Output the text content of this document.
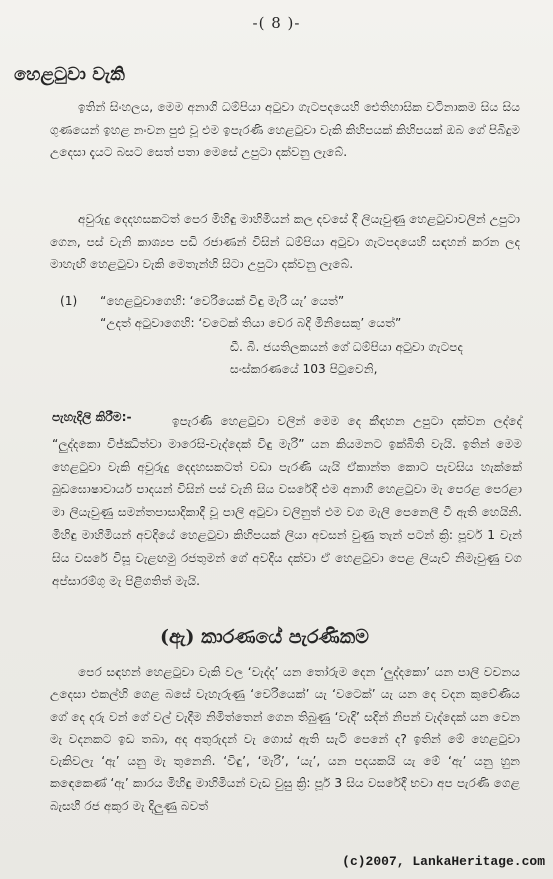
-( 8 )-
හෙළටුවා වැකි

ඉතින් සිංහලය, මෙම අනාගි ධම්පියා අටුවා ගැටපදයෙහි ඓතිහාසික වටිනාකම සිය සිය ගුණයෙන් ඉහළ නංවන පුළු වූ එම ඉපැරණි හෙළටුවා වැකි කිහිපයක් කිහිපයක් ඔබ ගේ පිබිදුම උදෙසා දැයට බසට සෙත් පතා මෙසේ උපුටා දක්වනු ලැබේ.

අවුරුදු දෙදහසකටත් පෙර මිහිඳු මාහිමියන් කල දවසේ දී ලියැවුණු හෙළටුවාවලින් උපුටා ගෙන, පස් වැනි කාශ්‍යප පඩි රජාණන් විසින් ධම්පියා අටුවා ගැටපදයෙහි සඳහන් කරන ලද මාහැඟි හෙළටුවා වැකි මෙතැන්හි සිටා උපුටා දක්වනු ලැබේ.

(1)	“හෙළටුවාගෙහි: ‘වෙරියෙක් විඳු මැරි යැ’ යෙත්”
“උදත් අටුවාගෙහි: ‘වටෙක් තියා වෙර බදි මිනිසෙකු’ යෙත්”
ඩී. බී. ජයතිලකයන් ගේ ධම්පියා අටුවා ගැටපද
සංස්කරණයේ 103 පිටුවෙනි,
පැහැදිලි කිරීම:-	ඉපැරණි හෙළටුවා වලින් මෙම දෙ කීඳහන උපුටා දක්වන ලද්දේ “ලුද්දකො විජ්ඣිත්වා මාරෙසි-වැද්දෙක් විඳු මැරි” යන කියමනට ඉක්බිති වැයි. ඉතින් මෙම හෙළටුවා වැකි අවුරුදු දෙදහසකටත් වඩා පැරණි යැයි ඒකාන්ත කොට පැවසිය හැක්කේ බුඩඝොෂාචාර්ය පාදයන් විසින් පස් වැනි සිය වසරේදී එම අනාගි හෙළටුවා මැ පෙරළ පෙරළා මා ලියැවුණු සමන්තපාසාදිකාදී වූ පාලි අටුවා වලිනුත් එම වග මැලි පෙනෙලී වී ඇති හෙයිනි. මිහිඳු මාහිමියන් අවදියේ හෙළටුවා කිහිපයක් ලියා අවසන් වුණු තැන් පටන් ක්‍රි: පූර්ව 1 වැන් සිය වසරේ විසූ වැළඟමු රජතුමන් ගේ අවදිය දක්වා ඒ හෙළටුවා පෙළ ලියැව් නිමැවුණු වග අප්සාරම්ගු මැ පිළිගතිත් මැයි.

(ඇ) කාරණයේ පැරණිකම

පෙර සඳහන් හෙළටුවා වැකි වල ‘වැද්ද’ යන තෝරුම දෙන ‘ලුද්දකො’ යන පාලි වචනය උදෙසා එකල්හි ගෙළ බසේ වැහැරුණු ‘වෙරියෙක්’ යැ ‘වටෙක්’ යැ යන දෙ වදන කුවේණිය ගේ දෙ දරු වන් ගේ වල් වැදීම නිමිත්තෙන් ගෙන තිබුණු ‘වැදි’ සදින් නිපන් වැද්දෙක් යන වෙන මැ වදනකට ඉඩ තබා, අද අතුරුදන් වැ ගොස් ඇති සැටි පෙනේ ද? ඉතින් මේ හෙළටුවා වැකිවලැ ‘ඇ’ යනු මැ තුනෙනි. ‘විඳු’, ‘මැරි’, ‘යැ’, යන පදයකයි යැ මේ ‘ඇ’ යනු හුන කඳෙකෙණ් ‘ඇ’ කාරය මිහිඳු මාහිමියන් වැඩ වුසු ක්‍රි: පූර් 3 සිය වසරේදී භවා අප පැරණි ගෙළ බැසහී රජ අකුර මැ දිලුණු බවත්

(c)2007, LankaHeritage.com
